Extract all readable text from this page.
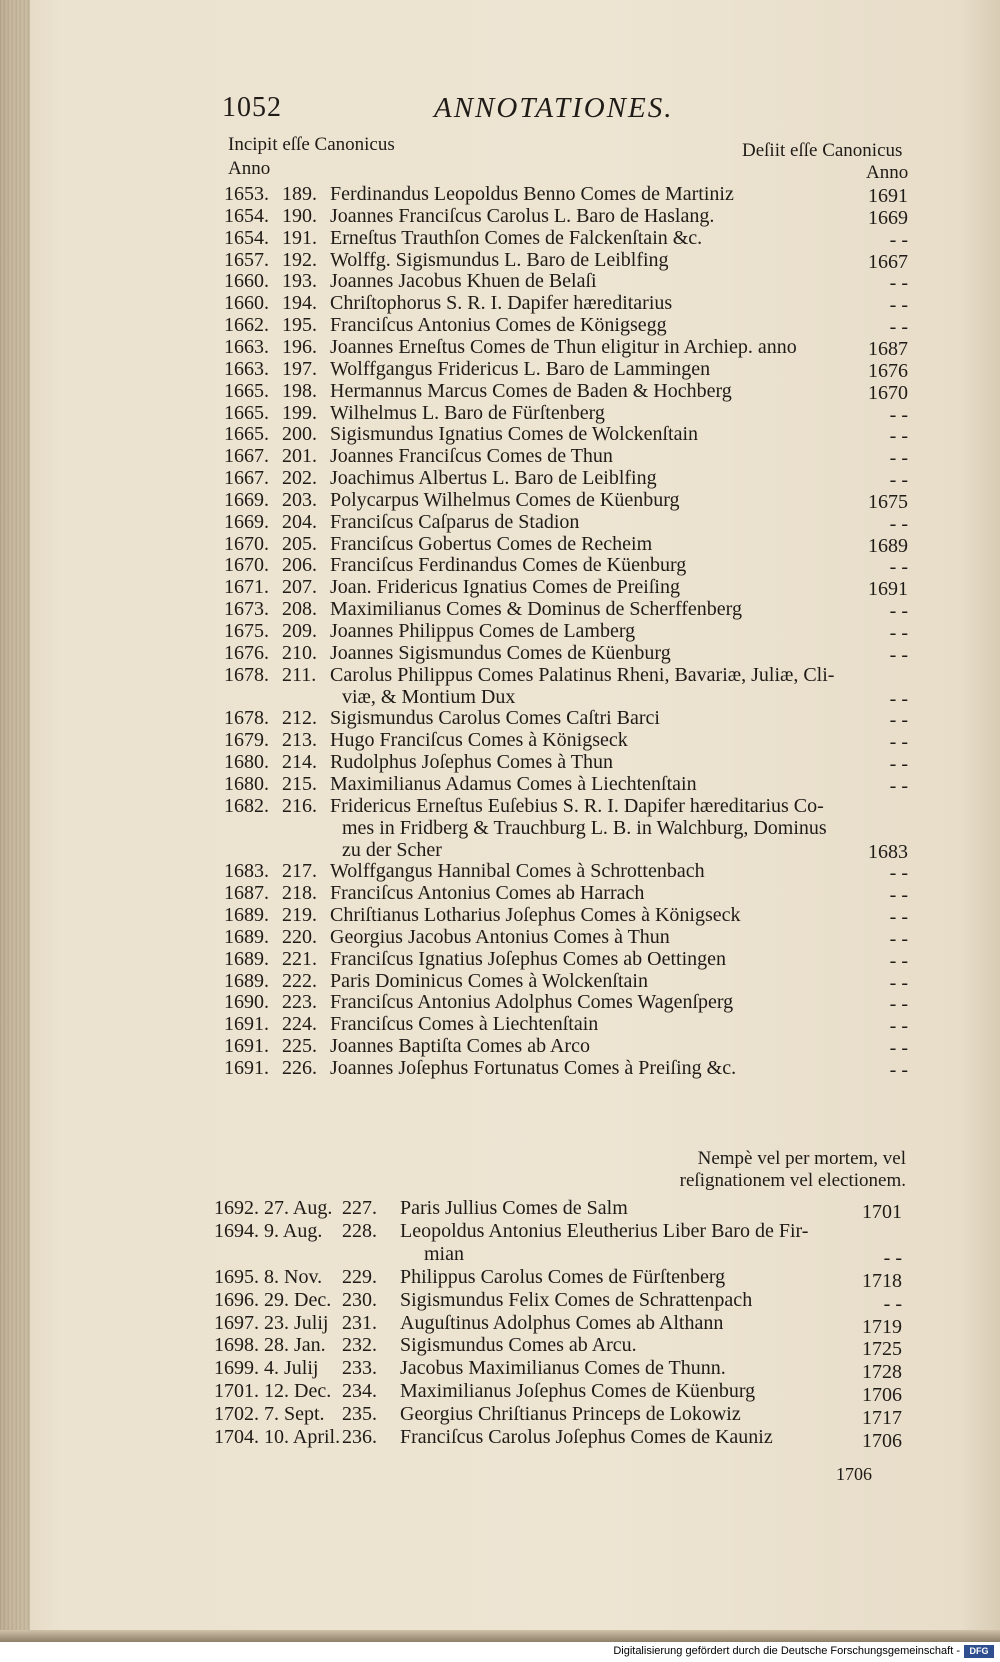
1052	ANNOTATIONES.
Incipit eſſe Canonicus
Anno
Deſiit eſſe Canonicus
Anno
1653. 189. Ferdinandus Leopoldus Benno Comes de Martiniz	1691
1654. 190. Joannes Franciſcus Carolus L. Baro de Haslang.	1669
1654. 191. Erneſtus Trauthſon Comes de Falckenſtain &c.	- -
1657. 192. Wolffg. Sigismundus L. Baro de Leiblfing	1667
1660. 193. Joannes Jacobus Khuen de Belaſi	- -
1660. 194. Chriſtophorus S. R. I. Dapifer hæreditarius	- -
1662. 195. Franciſcus Antonius Comes de Königsegg	- -
1663. 196. Joannes Erneſtus Comes de Thun eligitur in Archiep. anno	1687
1663. 197. Wolffgangus Fridericus L. Baro de Lammingen	1676
1665. 198. Hermannus Marcus Comes de Baden & Hochberg	1670
1665. 199. Wilhelmus L. Baro de Fürſtenberg	- -
1665. 200. Sigismundus Ignatius Comes de Wolckenſtain	- -
1667. 201. Joannes Franciſcus Comes de Thun	- -
1667. 202. Joachimus Albertus L. Baro de Leiblfing	- -
1669. 203. Polycarpus Wilhelmus Comes de Küenburg	1675
1669. 204. Franciſcus Caſparus de Stadion	- -
1670. 205. Franciſcus Gobertus Comes de Recheim	1689
1670. 206. Franciſcus Ferdinandus Comes de Küenburg	- -
1671. 207. Joan. Fridericus Ignatius Comes de Preiſing	1691
1673. 208. Maximilianus Comes & Dominus de Scherffenberg	- -
1675. 209. Joannes Philippus Comes de Lamberg	- -
1676. 210. Joannes Sigismundus Comes de Küenburg	- -
1678. 211. Carolus Philippus Comes Palatinus Rheni, Bavariæ, Juliæ, Cli-
viæ, & Montium Dux	- -
1678. 212. Sigismundus Carolus Comes Caſtri Barci	- -
1679. 213. Hugo Franciſcus Comes à Königseck	- -
1680. 214. Rudolphus Joſephus Comes à Thun	- -
1680. 215. Maximilianus Adamus Comes à Liechtenſtain	- -
1682. 216. Fridericus Erneſtus Euſebius S. R. I. Dapifer hæreditarius Co-
mes in Fridberg & Trauchburg L. B. in Walchburg, Dominus
zu der Scher	1683
1683. 217. Wolffgangus Hannibal Comes à Schrottenbach	- -
1687. 218. Franciſcus Antonius Comes ab Harrach	- -
1689. 219. Chriſtianus Lotharius Joſephus Comes à Königseck	- -
1689. 220. Georgius Jacobus Antonius Comes à Thun	- -
1689. 221. Franciſcus Ignatius Joſephus Comes ab Oettingen	- -
1689. 222. Paris Dominicus Comes à Wolckenſtain	- -
1690. 223. Franciſcus Antonius Adolphus Comes Wagenſperg	- -
1691. 224. Franciſcus Comes à Liechtenſtain	- -
1691. 225. Joannes Baptiſta Comes ab Arco	- -
1691. 226. Joannes Joſephus Fortunatus Comes à Preiſing &c.	- -
Nempè vel per mortem, vel
reſignationem vel electionem.
1692. 27. Aug. 227. Paris Jullius Comes de Salm	1701
1694. 9. Aug. 228. Leopoldus Antonius Eleutherius Liber Baro de Fir-
mian	- -
1695. 8. Nov. 229. Philippus Carolus Comes de Fürſtenberg	1718
1696. 29. Dec. 230. Sigismundus Felix Comes de Schrattenpach	- -
1697. 23. Julij 231. Auguſtinus Adolphus Comes ab Althann	1719
1698. 28. Jan. 232. Sigismundus Comes ab Arcu.	1725
1699. 4. Julij 233. Jacobus Maximilianus Comes de Thunn.	1728
1701. 12. Dec. 234. Maximilianus Joſephus Comes de Küenburg	1706
1702. 7. Sept. 235. Georgius Chriſtianus Princeps de Lokowiz	1717
1704. 10. April. 236. Franciſcus Carolus Joſephus Comes de Kauniz	1706
1706
Digitalisierung gefördert durch die Deutsche Forschungsgemeinschaft -	DFG
